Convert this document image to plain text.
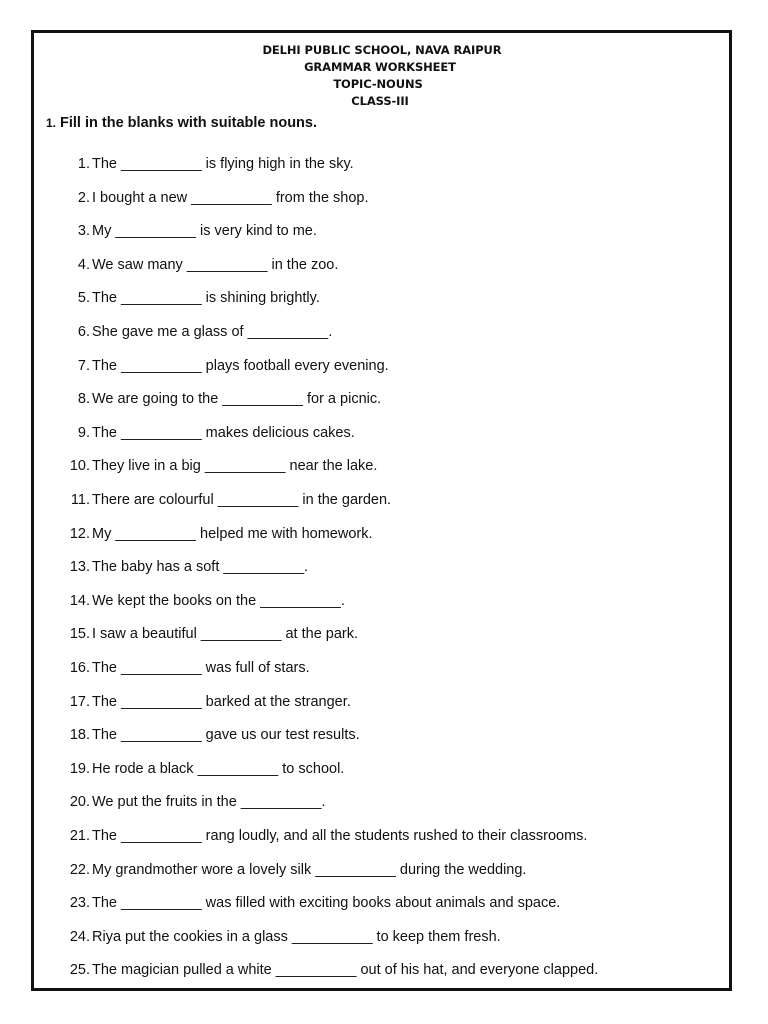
DELHI PUBLIC SCHOOL, NAVA RAIPUR
GRAMMAR WORKSHEET
TOPIC-NOUNS
CLASS-III
1. Fill in the blanks with suitable nouns.
1. The __________ is flying high in the sky.
2. I bought a new __________ from the shop.
3. My __________ is very kind to me.
4. We saw many __________ in the zoo.
5. The __________ is shining brightly.
6. She gave me a glass of __________.
7. The __________ plays football every evening.
8. We are going to the __________ for a picnic.
9. The __________ makes delicious cakes.
10. They live in a big __________ near the lake.
11. There are colourful __________ in the garden.
12. My __________ helped me with homework.
13. The baby has a soft __________.
14. We kept the books on the __________.
15. I saw a beautiful __________ at the park.
16. The __________ was full of stars.
17. The __________ barked at the stranger.
18. The __________ gave us our test results.
19. He rode a black __________ to school.
20. We put the fruits in the __________.
21. The __________ rang loudly, and all the students rushed to their classrooms.
22. My grandmother wore a lovely silk __________ during the wedding.
23. The __________ was filled with exciting books about animals and space.
24. Riya put the cookies in a glass __________ to keep them fresh.
25. The magician pulled a white __________ out of his hat, and everyone clapped.
